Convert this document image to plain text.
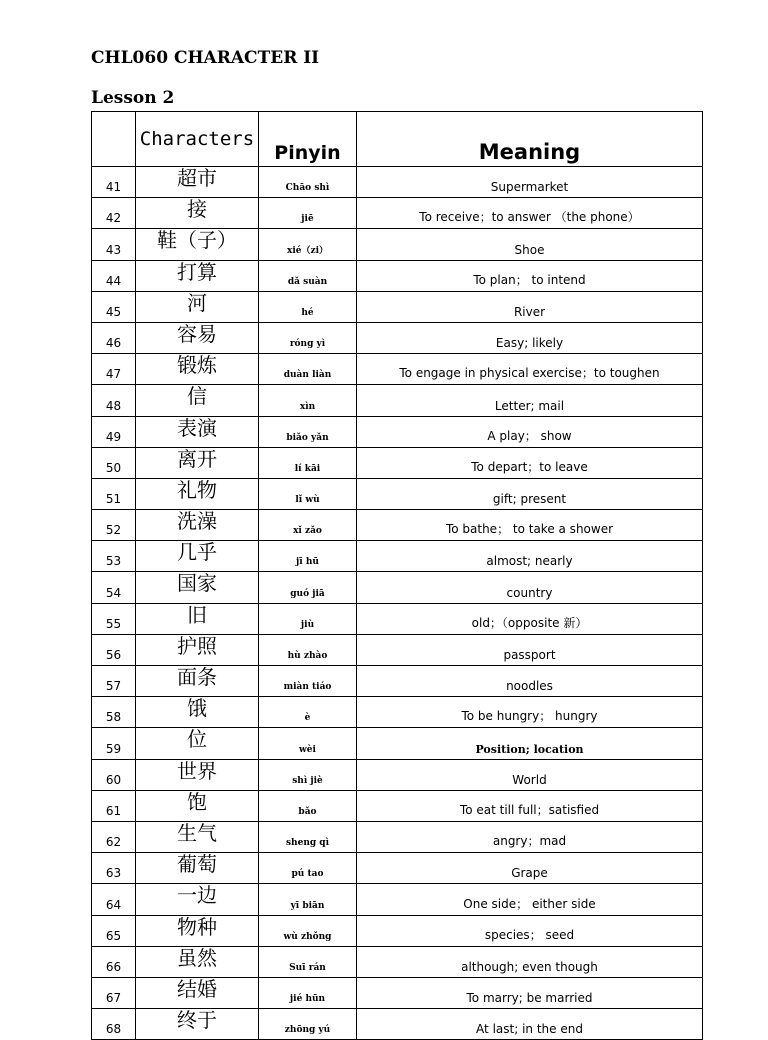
CHL060 CHARACTER II
Lesson 2
	Characters	Pinyin	Meaning
41	超市	Chāo shì	Supermarket
42	接	jiē	To receive；to answer （the phone）
43	鞋（子）	xié（zi）	Shoe
44	打算	dǎ suàn	To plan； to intend
45	河	hé	River
46	容易	róng yì	Easy; likely
47	锻炼	duàn liàn	To engage in physical exercise；to toughen
48	信	xìn	Letter; mail
49	表演	biǎo yǎn	A play； show
50	离开	lí kāi	To depart；to leave
51	礼物	lǐ wù	gift; present
52	洗澡	xǐ zǎo	To bathe； to take a shower
53	几乎	jī hū	almost; nearly
54	国家	guó jiā	country
55	旧	jiù	old；（opposite 新）
56	护照	hù zhào	passport
57	面条	miàn tiáo	noodles
58	饿	è	To be hungry； hungry
59	位	wèi	Position; location
60	世界	shì jiè	World
61	饱	bǎo	To eat till full；satisfied
62	生气	sheng qì	angry；mad
63	葡萄	pú tao	Grape
64	一边	yī biān	One side； either side
65	物种	wù zhǒng	species； seed
66	虽然	Suī rán	although; even though
67	结婚	jié hūn	To marry; be married
68	终于	zhōng yú	At last; in the end
